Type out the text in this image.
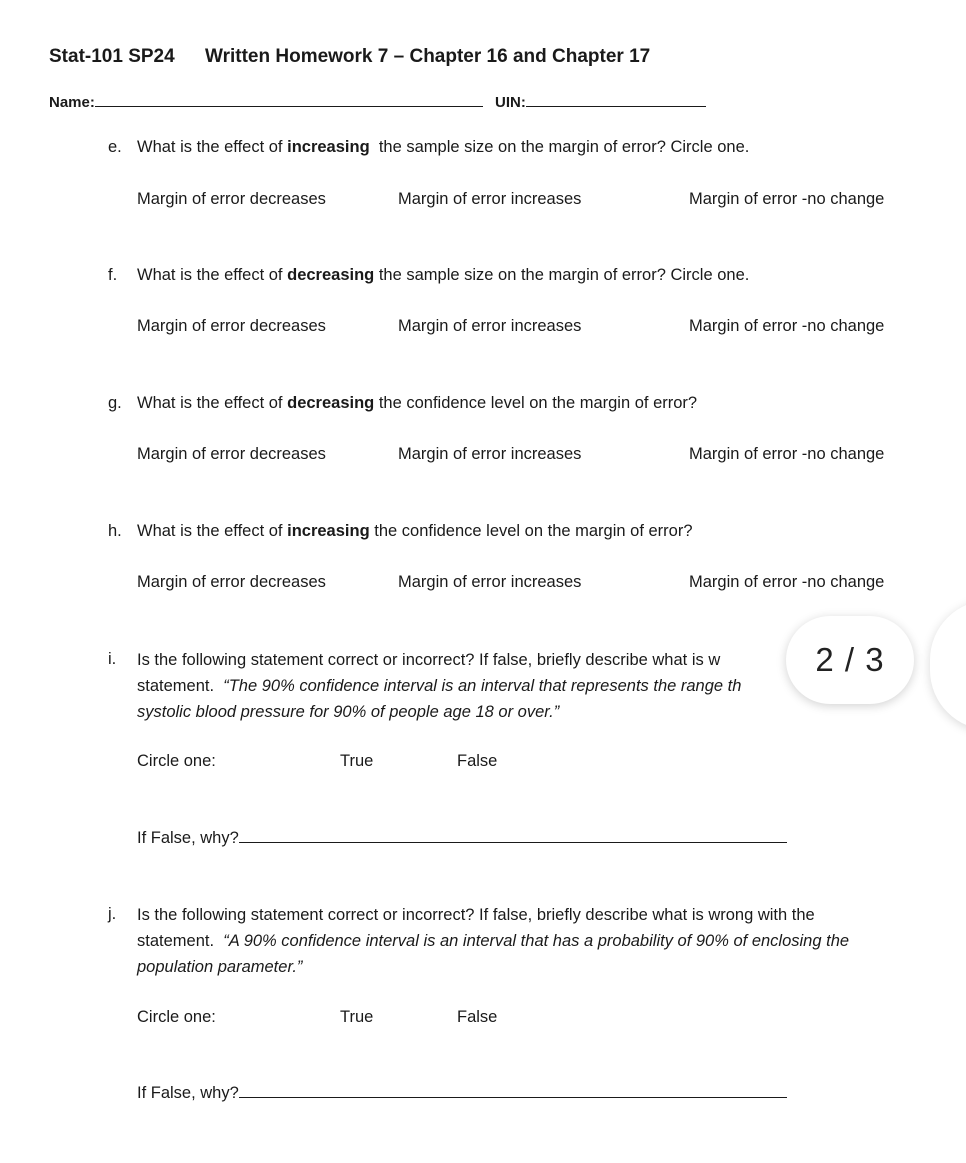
Stat-101 SP24 Written Homework 7 – Chapter 16 and Chapter 17
Name:	UIN:
e. What is the effect of increasing  the sample size on the margin of error? Circle one.
Margin of error decreases	Margin of error increases	Margin of error -no change
f. What is the effect of decreasing the sample size on the margin of error? Circle one.
Margin of error decreases	Margin of error increases	Margin of error -no change
g. What is the effect of decreasing the confidence level on the margin of error?
Margin of error decreases	Margin of error increases	Margin of error -no change
h. What is the effect of increasing the confidence level on the margin of error?
Margin of error decreases	Margin of error increases	Margin of error -no change
i. Is the following statement correct or incorrect? If false, briefly describe what is w
statement.  “The 90% confidence interval is an interval that represents the range th
systolic blood pressure for 90% of people age 18 or over.”
Circle one:	True	False
If False, why?
j. Is the following statement correct or incorrect? If false, briefly describe what is wrong with the
statement.  “A 90% confidence interval is an interval that has a probability of 90% of enclosing the
population parameter.”
Circle one:	True	False
If False, why?
2 / 3
